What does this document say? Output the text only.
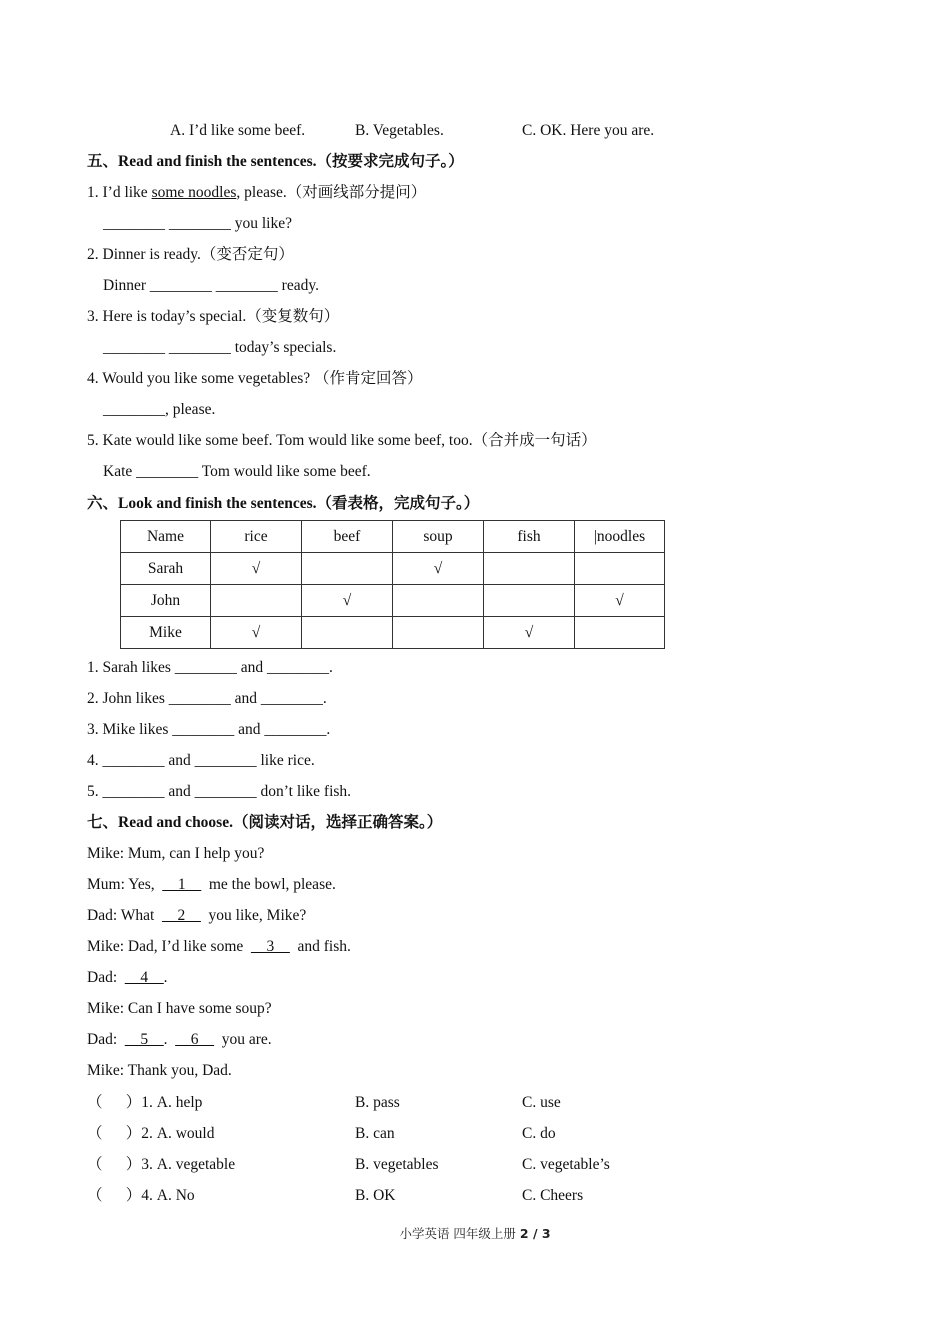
A. I’d like some beef.	B. Vegetables.	C. OK. Here you are.
五、Read and finish the sentences.（按要求完成句子。）
1. I’d like some noodles, please.（对画线部分提问）
________ ________ you like?
2. Dinner is ready.（变否定句）
Dinner ________ ________ ready.
3. Here is today’s special.（变复数句）
________ ________ today’s specials.
4. Would you like some vegetables? （作肯定回答）
________, please.
5. Kate would like some beef. Tom would like some beef, too.（合并成一句话）
Kate ________ Tom would like some beef.
六、Look and finish the sentences.（看表格，完成句子。）
Name	rice	beef	soup	fish	|noodles
Sarah	√		√		
John		√			√
Mike	√			√	
1. Sarah likes ________ and ________.
2. John likes ________ and ________.
3. Mike likes ________ and ________.
4. ________ and ________ like rice.
5. ________ and ________ don’t like fish.
七、Read and choose.（阅读对话，选择正确答案。）
Mike: Mum, can I help you?
Mum: Yes,  __1__  me the bowl, please.
Dad: What  __2__  you like, Mike?
Mike: Dad, I’d like some  __3__  and fish.
Dad:  __4__.
Mike: Can I have some soup?
Dad:  __5__.  __6__  you are.
Mike: Thank you, Dad.
（      ）1. A. help	B. pass	C. use
（      ）2. A. would	B. can	C. do
（      ）3. A. vegetable	B. vegetables	C. vegetable’s
（      ）4. A. No	B. OK	C. Cheers
小学英语 四年级上册 2 / 3
